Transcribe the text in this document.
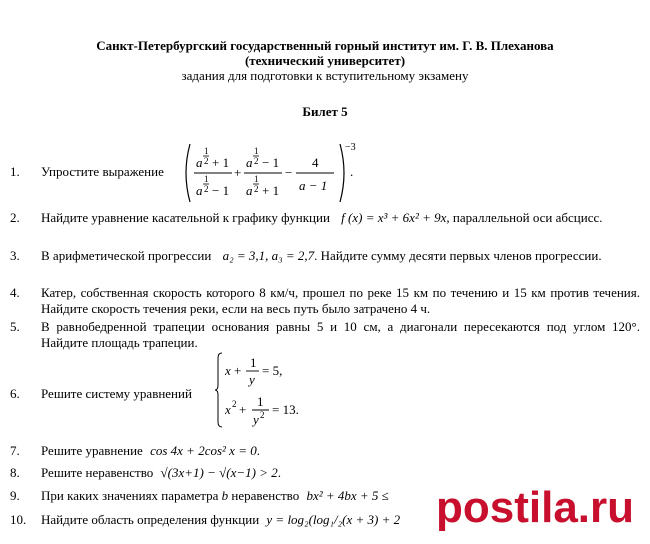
Санкт-Петербургский государственный горный институт им. Г. В. Плеханова
(технический университет)
задания для подготовки к вступительному экзамену
Билет 5
1.	Упростите выражение
a
1
2 + 1
a
1
2 − 1
+
a
1
2 − 1
a
1
2 + 1
−
4
a − 1
−3
.
2.	Найдите уравнение касательной к графику функции f (x) = x³ + 6x² + 9x, параллельной оси абсцисс.
3.	В арифметической прогрессии a₂ = 3,1, a₃ = 2,7. Найдите сумму десяти первых членов прогрессии.
4.	Катер, собственная скорость которого 8 км/ч, прошел по реке 15 км по течению и 15 км против течения. Найдите скорость течения реки, если на весь путь было затрачено 4 ч.
5.	В равнобедренной трапеции основания равны 5 и 10 см, а диагонали пересекаются под углом 120°. Найдите площадь трапеции.
6.	Решите систему уравнений
x +
1
y
= 5,
x 2 +
1
y 2 = 13.
7.	Решите уравнение cos 4x + 2cos² x = 0.
8.	Решите неравенство √(3x+1) − √(x−1) > 2.
9.	При каких значениях параметра b неравенство bx² + 4bx + 5 ≤
10.	Найдите область определения функции y = log₂(log₁/₂(x + 3) + 2 postila.ru
